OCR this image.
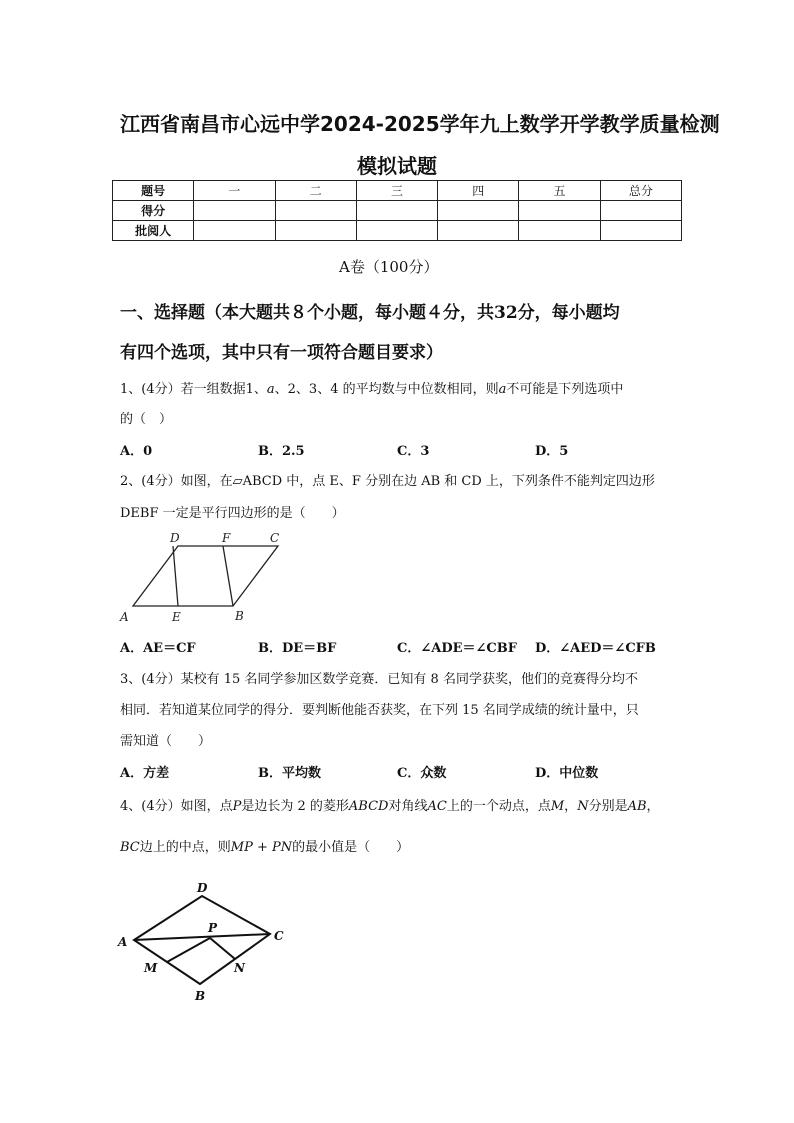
江西省南昌市心远中学2024-2025学年九上数学开学教学质量检测
模拟试题
题号	一	二	三	四	五	总分
得分						
批阅人						
A卷（100分）
一、选择题（本大题共８个小题，每小题４分，共32分，每小题均
有四个选项，其中只有一项符合题目要求）
1、(4分）若一组数据1、a、2、3、4 的平均数与中位数相同，则a不可能是下列选项中
的（　）
A．0	B．2.5	C．3	D．5
2、(4分）如图，在▱ABCD 中，点 E、F 分别在边 AB 和 CD 上，下列条件不能判定四边形
DEBF 一定是平行四边形的是（　　）
A	B
C
D
E
F
A．AE＝CF	B．DE＝BF	C．∠ADE＝∠CBF D．∠AED＝∠CFB
3、(4分）某校有 15 名同学参加区数学竞赛．已知有 8 名同学获奖，他们的竞赛得分均不
相同．若知道某位同学的得分．要判断他能否获奖，在下列 15 名同学成绩的统计量中，只
需知道（　　）
A．方差	B．平均数	C．众数	D．中位数
4、(4分）如图，点P是边长为 2 的菱形ABCD对角线AC上的一个动点，点M，N分别是AB，
BC边上的中点，则MP + PN的最小值是（　　）
A
B
C
D
M	N
P
